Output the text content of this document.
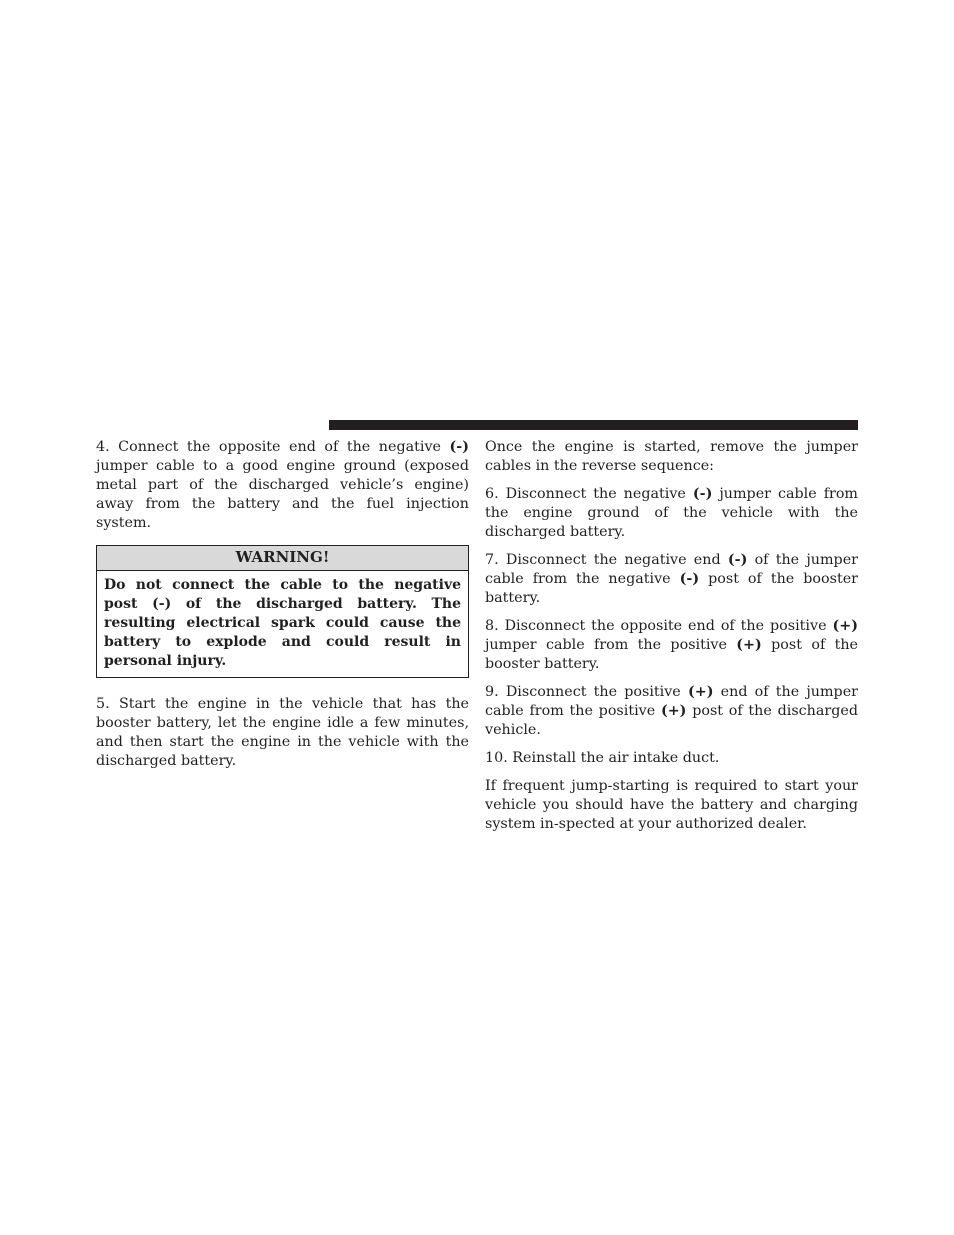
4. Connect the opposite end of the negative (-) jumper cable to a good engine ground (exposed metal part of the discharged vehicle’s engine) away from the battery and the fuel injection system.

WARNING!
Do not connect the cable to the negative post (-) of the discharged battery. The resulting electrical spark could cause the battery to explode and could result in personal injury.

5. Start the engine in the vehicle that has the booster battery, let the engine idle a few minutes, and then start the engine in the vehicle with the discharged battery.

Once the engine is started, remove the jumper cables in the reverse sequence:

6. Disconnect the negative (-) jumper cable from the engine ground of the vehicle with the discharged battery.

7. Disconnect the negative end (-) of the jumper cable from the negative (-) post of the booster battery.

8. Disconnect the opposite end of the positive (+) jumper cable from the positive (+) post of the booster battery.

9. Disconnect the positive (+) end of the jumper cable from the positive (+) post of the discharged vehicle.

10. Reinstall the air intake duct.

If frequent jump-starting is required to start your vehicle you should have the battery and charging system in-spected at your authorized dealer.
